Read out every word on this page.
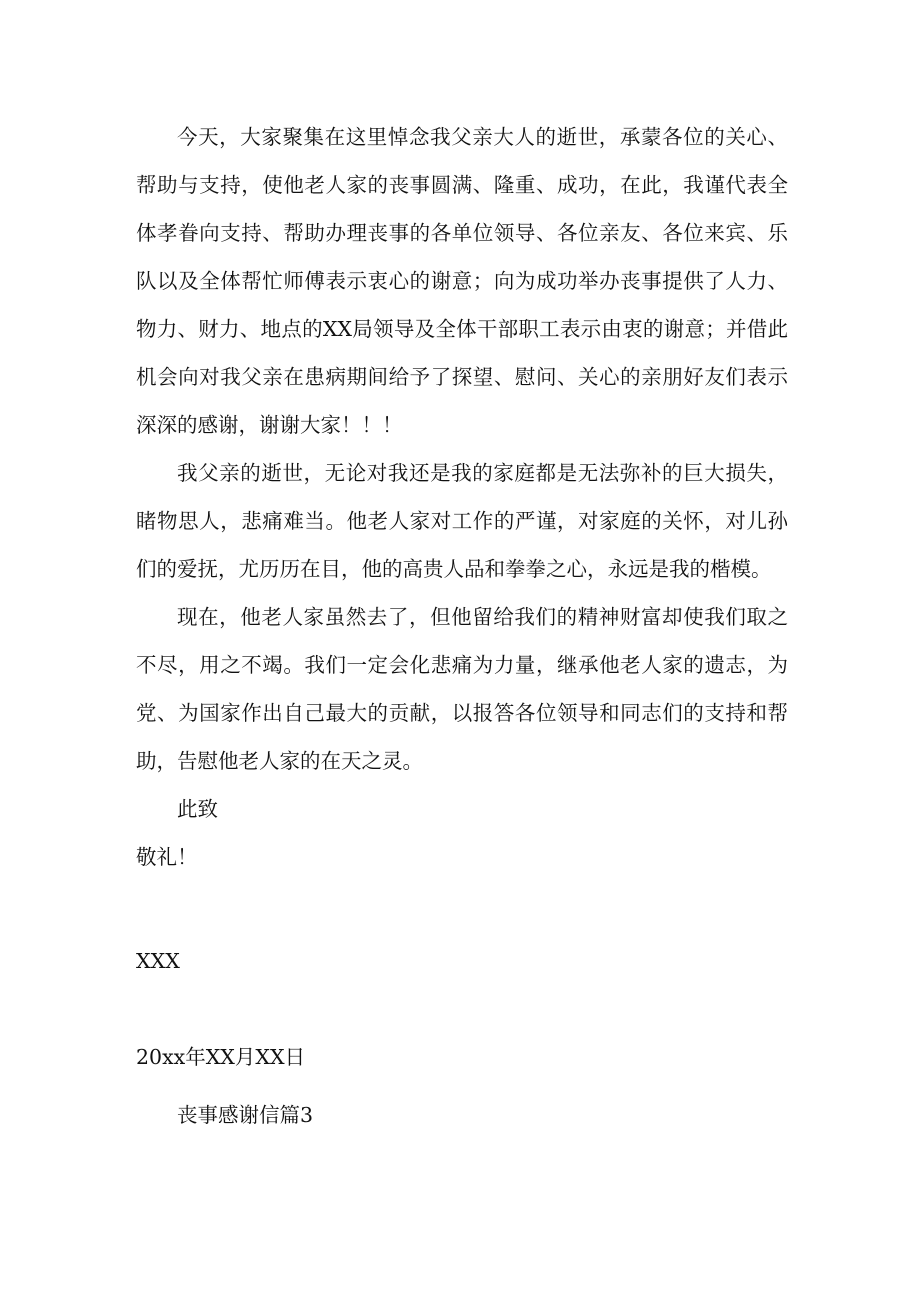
今天，大家聚集在这里悼念我父亲大人的逝世，承蒙各位的关心、帮助与支持，使他老人家的丧事圆满、隆重、成功，在此，我谨代表全体孝眷向支持、帮助办理丧事的各单位领导、各位亲友、各位来宾、乐队以及全体帮忙师傅表示衷心的谢意；向为成功举办丧事提供了人力、物力、财力、地点的XX局领导及全体干部职工表示由衷的谢意；并借此机会向对我父亲在患病期间给予了探望、慰问、关心的亲朋好友们表示深深的感谢，谢谢大家！！！

我父亲的逝世，无论对我还是我的家庭都是无法弥补的巨大损失，睹物思人，悲痛难当。他老人家对工作的严谨，对家庭的关怀，对儿孙们的爱抚，尤历历在目，他的高贵人品和拳拳之心，永远是我的楷模。

现在，他老人家虽然去了，但他留给我们的精神财富却使我们取之不尽，用之不竭。我们一定会化悲痛为力量，继承他老人家的遗志，为党、为国家作出自己最大的贡献，以报答各位领导和同志们的支持和帮助，告慰他老人家的在天之灵。

此致

敬礼！

XXX

20xx年XX月XX日

丧事感谢信篇3
